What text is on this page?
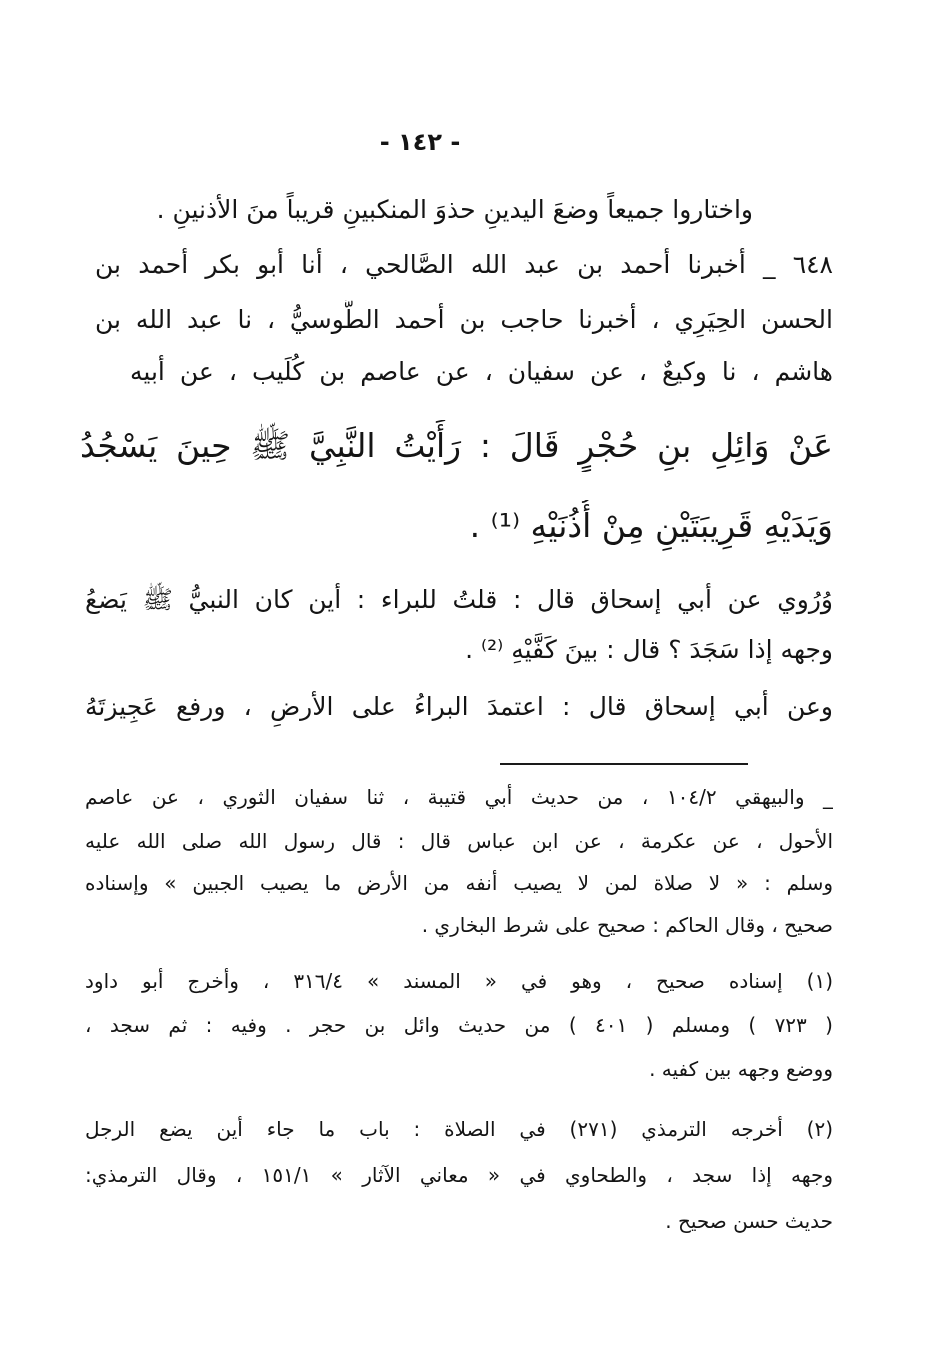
- ١٤٢ -
واختاروا جميعاً وضعَ اليدينِ حذوَ المنكبينِ قريباً منَ الأذنينِ .
٦٤٨ _ أخبرنا أحمد بن عبد الله الصَّالحي ، أنا أبو بكر أحمد بن
الحسن الحِيَرِي ، أخبرنا حاجب بن أحمد الطُّوسيُّ ، نا عبد الله بن
هاشم ، نا وكيعٌ ، عن سفيان ، عن عاصم بن كُلَيب ، عن أبيه
عَنْ وَائِلِ بنِ حُجْرٍ قَالَ : رَأَيْتُ النَّبِيَّ ﷺ حِينَ يَسْجُدُ
وَيَدَيْهِ قَرِيبَتَيْنِ مِنْ أُذُنَيْهِ ⁽¹⁾ .
وُرُوي عن أبي إسحاق قال : قلتُ للبراء : أين كان النبيُّ ﷺ يَضعُ
وجهه إذا سَجَدَ ؟ قال : بينَ كَفَّيْهِ ⁽²⁾ .
وعن أبي إسحاق قال : اعتمدَ البراءُ على الأرضِ ، ورفع عَجِيزتَهُ
_ والبيهقي ١٠٤/٢ ، من حديث أبي قتيبة ، ثنا سفيان الثوري ، عن عاصم
الأحول ، عن عكرمة ، عن ابن عباس قال : قال رسول الله صلى الله عليه
وسلم : « لا صلاة لمن لا يصيب أنفه من الأرض ما يصيب الجبين » وإسناده
صحيح ، وقال الحاكم : صحيح على شرط البخاري .
(١) إسناده صحيح ، وهو في « المسند » ٣١٦/٤ ، وأخرج أبو داود
( ٧٢٣ ) ومسلم ( ٤٠١ ) من حديث وائل بن حجر . وفيه : ثم سجد ،
ووضع وجهه بين كفيه .
(٢) أخرجه الترمذي (٢٧١) في الصلاة : باب ما جاء أين يضع الرجل
وجهه إذا سجد ، والطحاوي في « معاني الآثار » ١٥١/١ ، وقال الترمذي:
حديث حسن صحيح .
